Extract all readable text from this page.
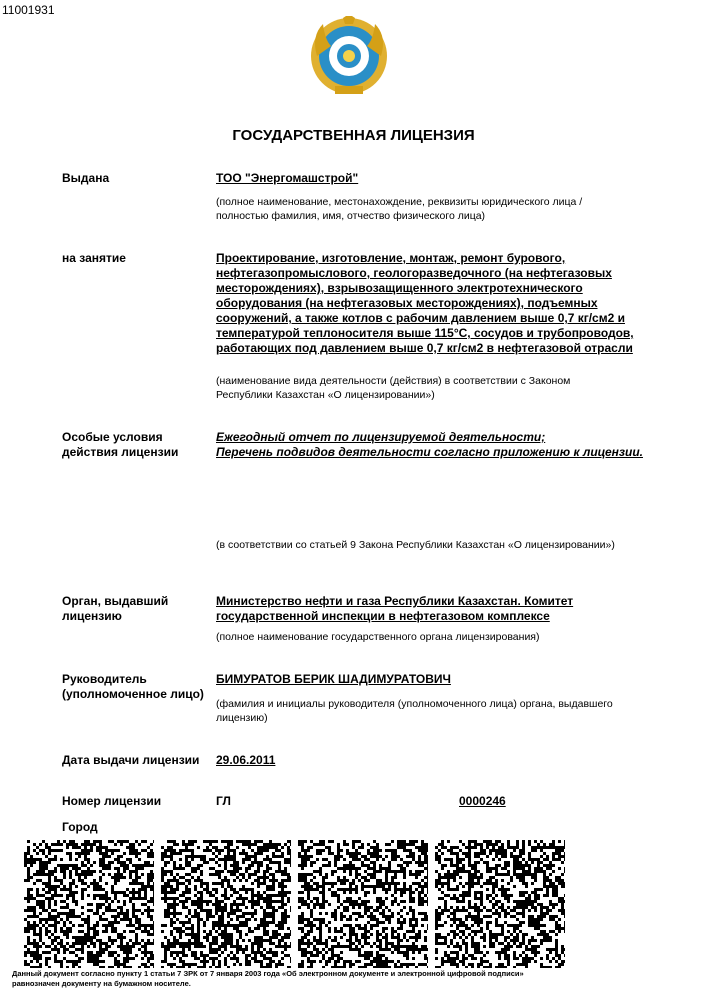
11001931
ГОСУДАРСТВЕННАЯ ЛИЦЕНЗИЯ
Выдана	ТОО "Энергомашстрой"
(полное наименование, местонахождение, реквизиты юридического лица / полностью фамилия, имя, отчество физического лица)
на занятие	Проектирование, изготовление, монтаж, ремонт бурового, нефтегазопромыслового, геологоразведочного (на нефтегазовых месторождениях), взрывозащищенного электротехнического оборудования (на нефтегазовых месторождениях), подъемных сооружений, а также котлов с рабочим давлением выше 0,7 кг/см2 и температурой теплоносителя выше 115°С, сосудов и трубопроводов, работающих под давлением выше 0,7 кг/см2 в нефтегазовой отрасли
(наименование вида деятельности (действия) в соответствии с Законом Республики Казахстан «О лицензировании»)
Особые условия
действия лицензии
Ежегодный отчет по лицензируемой деятельности;
Перечень подвидов деятельности согласно приложению к лицензии.
(в соответствии со статьей 9 Закона Республики Казахстан «О лицензировании»)
Орган, выдавший
лицензию
Министерство нефти и газа Республики Казахстан. Комитет государственной инспекции в нефтегазовом комплексе
(полное наименование государственного органа лицензирования)
Руководитель
(уполномоченное лицо)
БИМУРАТОВ БЕРИК ШАДИМУРАТОВИЧ
(фамилия и инициалы руководителя (уполномоченного лица) органа, выдавшего лицензию)
Дата выдачи лицензии 29.06.2011
Номер лицензии	ГЛ	0000246
Город
Данный документ согласно пункту 1 статьи 7 ЗРК от 7 января 2003 года «Об электронном документе и электронной цифровой подписи»
равнозначен документу на бумажном носителе.
